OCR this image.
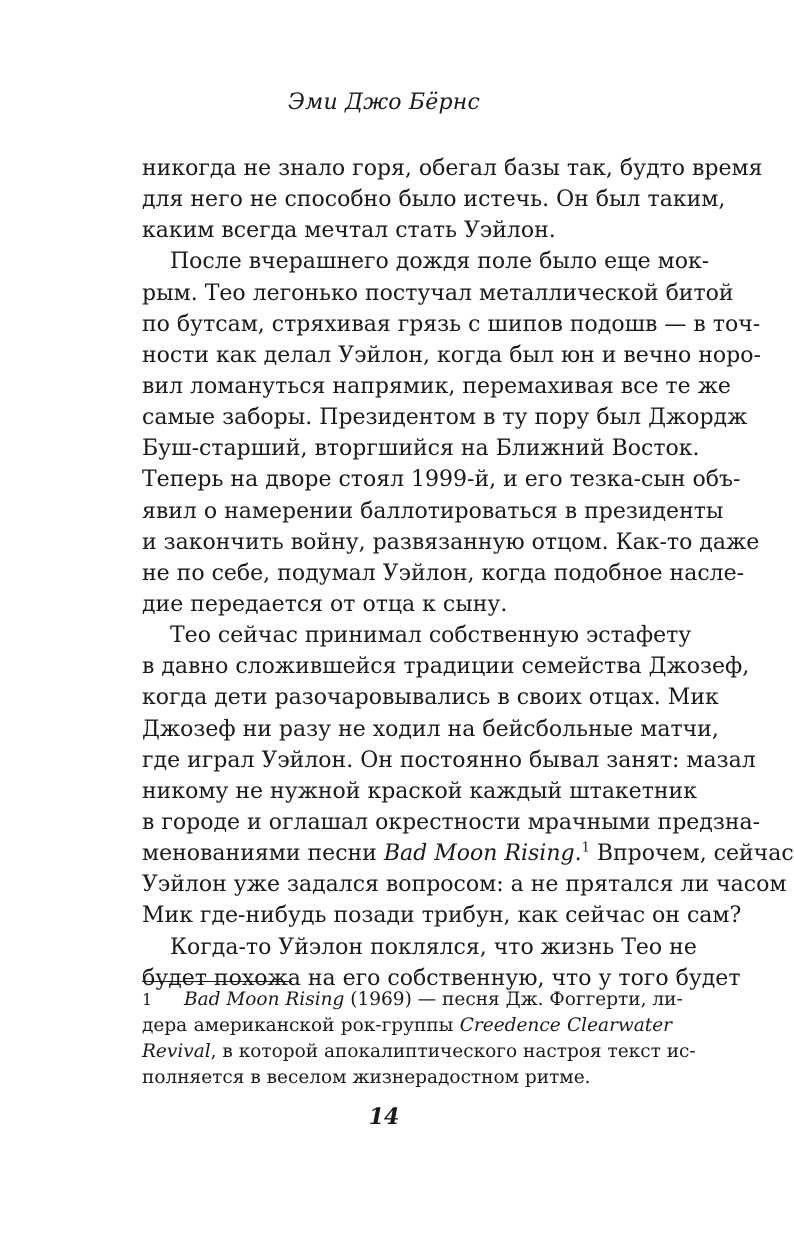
Эми Джо Бёрнс
никогда не знало горя, обегал базы так, будто время
для него не способно было истечь. Он был таким,
каким всегда мечтал стать Уэйлон.
После вчерашнего дождя поле было еще мок-
рым. Тео легонько постучал металлической битой
по бутсам, стряхивая грязь с шипов подошв — в точ-
ности как делал Уэйлон, когда был юн и вечно норо-
вил ломануться напрямик, перемахивая все те же
самые заборы. Президентом в ту пору был Джордж
Буш-старший, вторгшийся на Ближний Восток.
Теперь на дворе стоял 1999-й, и его тезка-сын объ-
явил о намерении баллотироваться в президенты
и закончить войну, развязанную отцом. Как-то даже
не по себе, подумал Уэйлон, когда подобное насле-
дие передается от отца к сыну.
Тео сейчас принимал собственную эстафету
в давно сложившейся традиции семейства Джозеф,
когда дети разочаровывались в своих отцах. Мик
Джозеф ни разу не ходил на бейсбольные матчи,
где играл Уэйлон. Он постоянно бывал занят: мазал
никому не нужной краской каждый штакетник
в городе и оглашал окрестности мрачными предзна-
менованиями песни Bad Moon Rising.$^1$ Впрочем, сейчас
Уэйлон уже задался вопросом: а не прятался ли часом
Мик где-нибудь позади трибун, как сейчас он сам?
Когда-то Уйэлон поклялся, что жизнь Тео не
будет похожа на его собственную, что у того будет
1 Bad Moon Rising (1969) — песня Дж. Фоггерти, ли-
дера американской рок-группы Creedence Clearwater
Revival, в которой апокалиптического настроя текст ис-
полняется в веселом жизнерадостном ритме.
14
